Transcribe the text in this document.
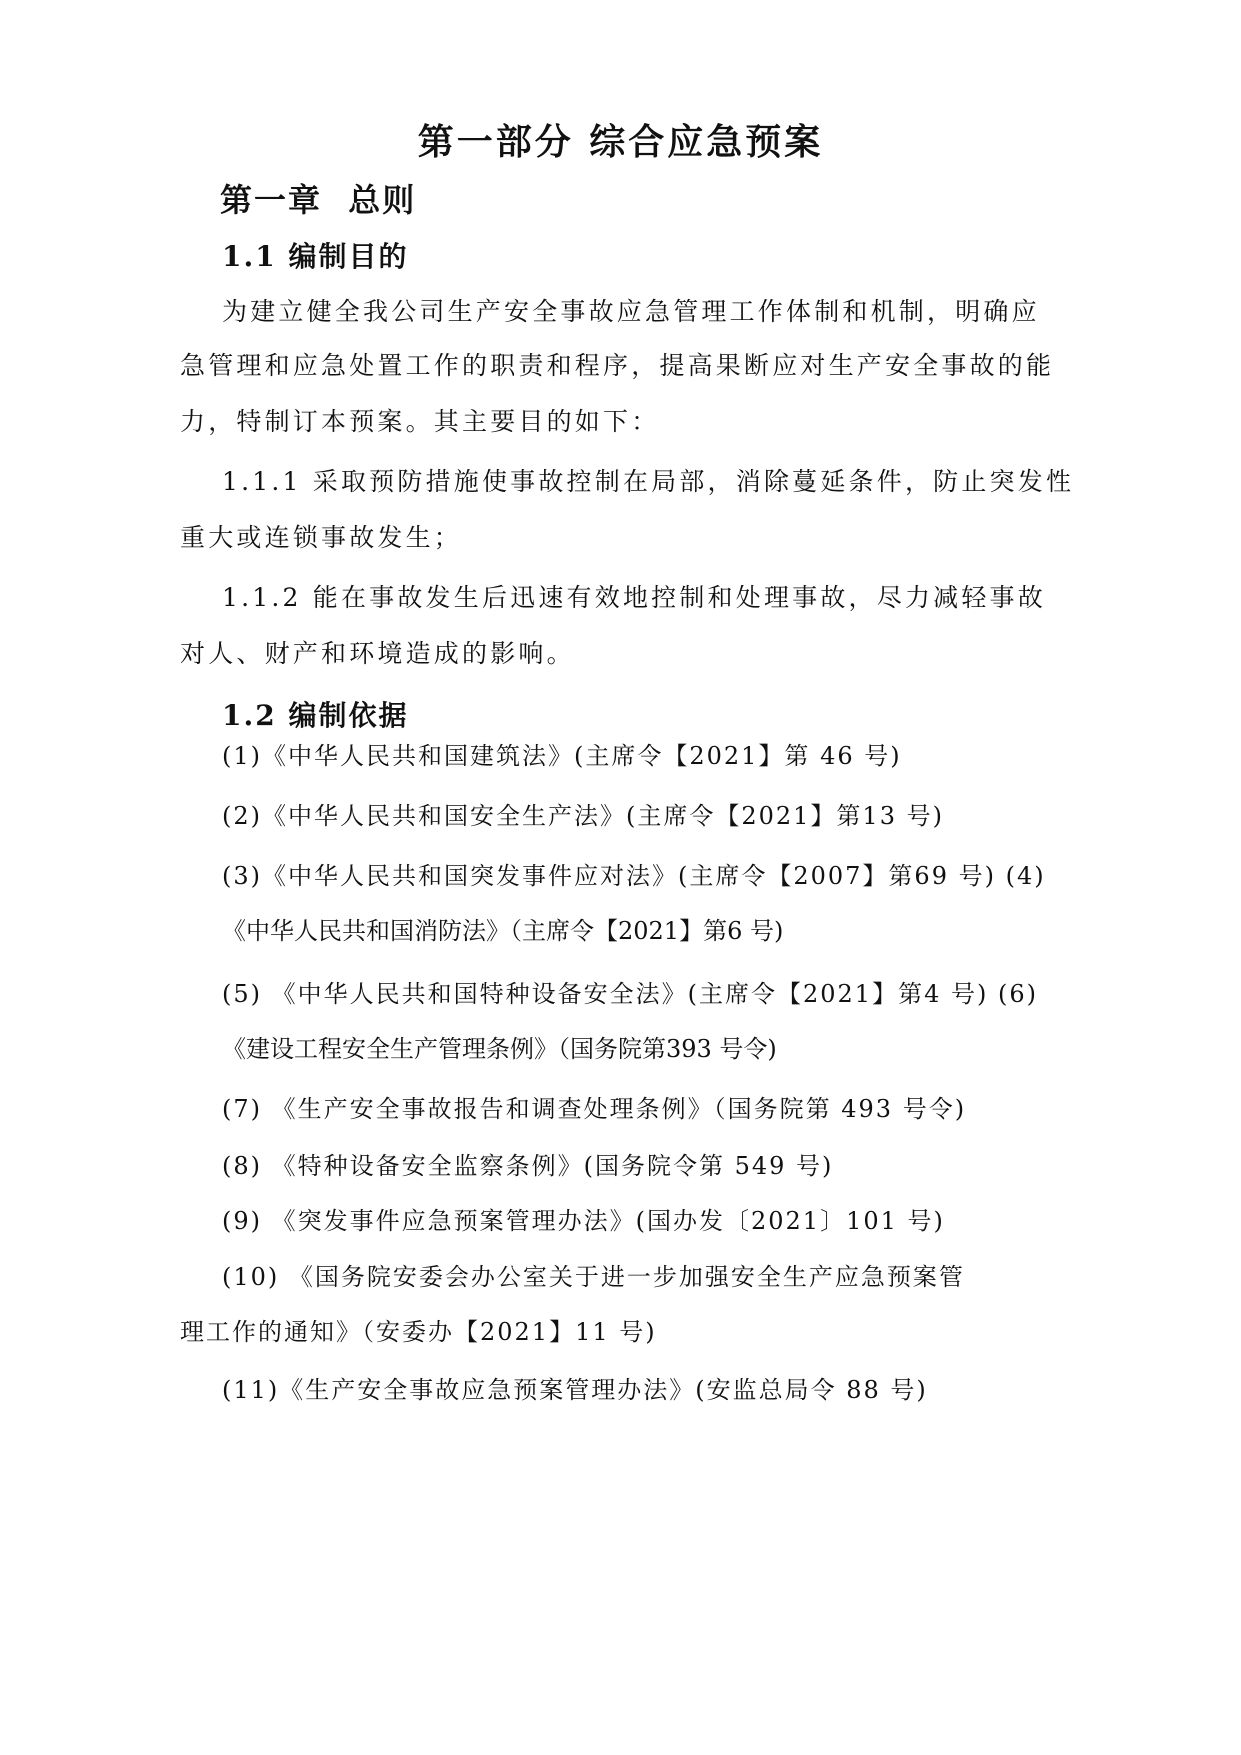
第一部分 综合应急预案
第一章  总则
1.1 编制目的
为建立健全我公司生产安全事故应急管理工作体制和机制，明确应
急管理和应急处置工作的职责和程序，提高果断应对生产安全事故的能
力，特制订本预案。其主要目的如下：
1.1.1 采取预防措施使事故控制在局部，消除蔓延条件，防止突发性
重大或连锁事故发生；
1.1.2 能在事故发生后迅速有效地控制和处理事故，尽力减轻事故
对人、财产和环境造成的影响。
1.2 编制依据
(1)《中华人民共和国建筑法》(主席令【2021】第 46 号)
(2)《中华人民共和国安全生产法》(主席令【2021】第13 号)
(3)《中华人民共和国突发事件应对法》(主席令【2007】第69 号) (4)
《中华人民共和国消防法》（主席令【2021】第6 号)
(5) 《中华人民共和国特种设备安全法》(主席令【2021】第4 号) (6)
《建设工程安全生产管理条例》（国务院第393 号令)
(7) 《生产安全事故报告和调查处理条例》（国务院第 493 号令)
(8) 《特种设备安全监察条例》(国务院令第 549 号)
(9) 《突发事件应急预案管理办法》(国办发〔2021〕101 号)
(10) 《国务院安委会办公室关于进一步加强安全生产应急预案管
理工作的通知》（安委办【2021】11 号)
(11)《生产安全事故应急预案管理办法》(安监总局令 88 号)
